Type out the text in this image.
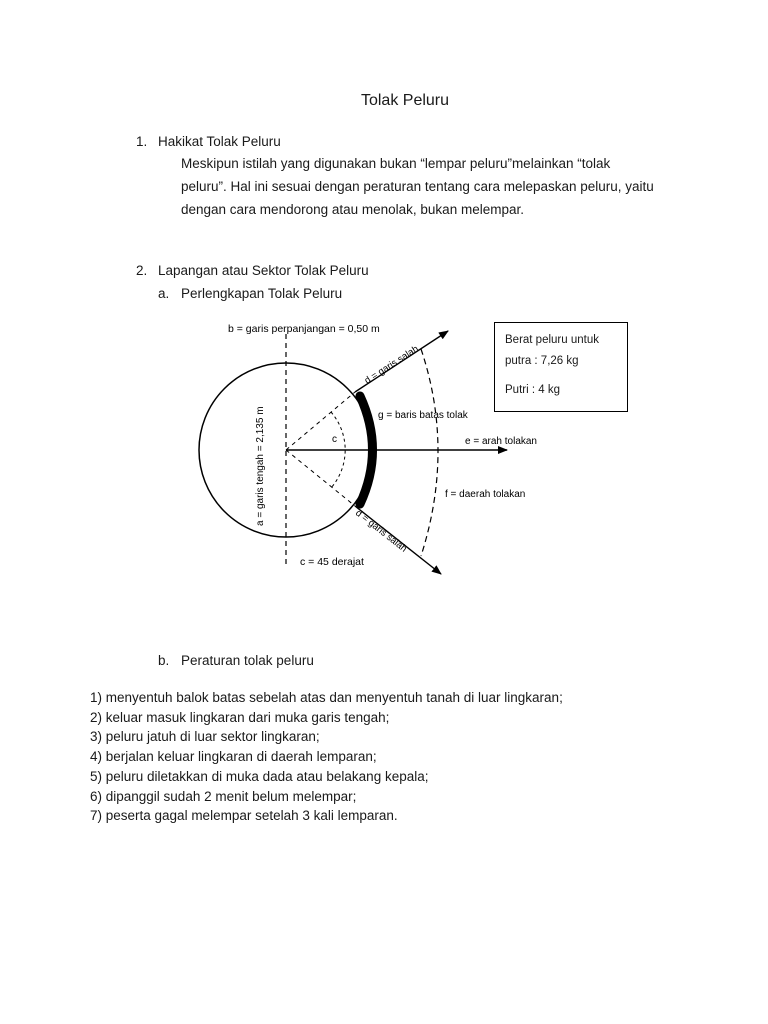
Tolak Peluru
1. Hakikat Tolak Peluru

Meskipun istilah yang digunakan bukan “lempar peluru”melainkan “tolak
peluru”. Hal ini sesuai dengan peraturan tentang cara melepaskan peluru, yaitu
dengan cara mendorong atau menolak, bukan melempar.

2. Lapangan atau Sektor Tolak Peluru
a. Perlengkapan Tolak Peluru
b = garis perpanjangan = 0,50 m
a = garis tengah = 2,135 m
d = garis salah
d = garis salah
g = baris batas tolak
c	e = arah tolakan
f = daerah tolakan
c = 45 derajat
Berat peluru untuk
putra : 7,26 kg
Putri : 4 kg
b. Peraturan tolak peluru
1) menyentuh balok batas sebelah atas dan menyentuh tanah di luar lingkaran;
2) keluar masuk lingkaran dari muka garis tengah;
3) peluru jatuh di luar sektor lingkaran;
4) berjalan keluar lingkaran di daerah lemparan;
5) peluru diletakkan di muka dada atau belakang kepala;
6) dipanggil sudah 2 menit belum melempar;
7) peserta gagal melempar setelah 3 kali lemparan.
